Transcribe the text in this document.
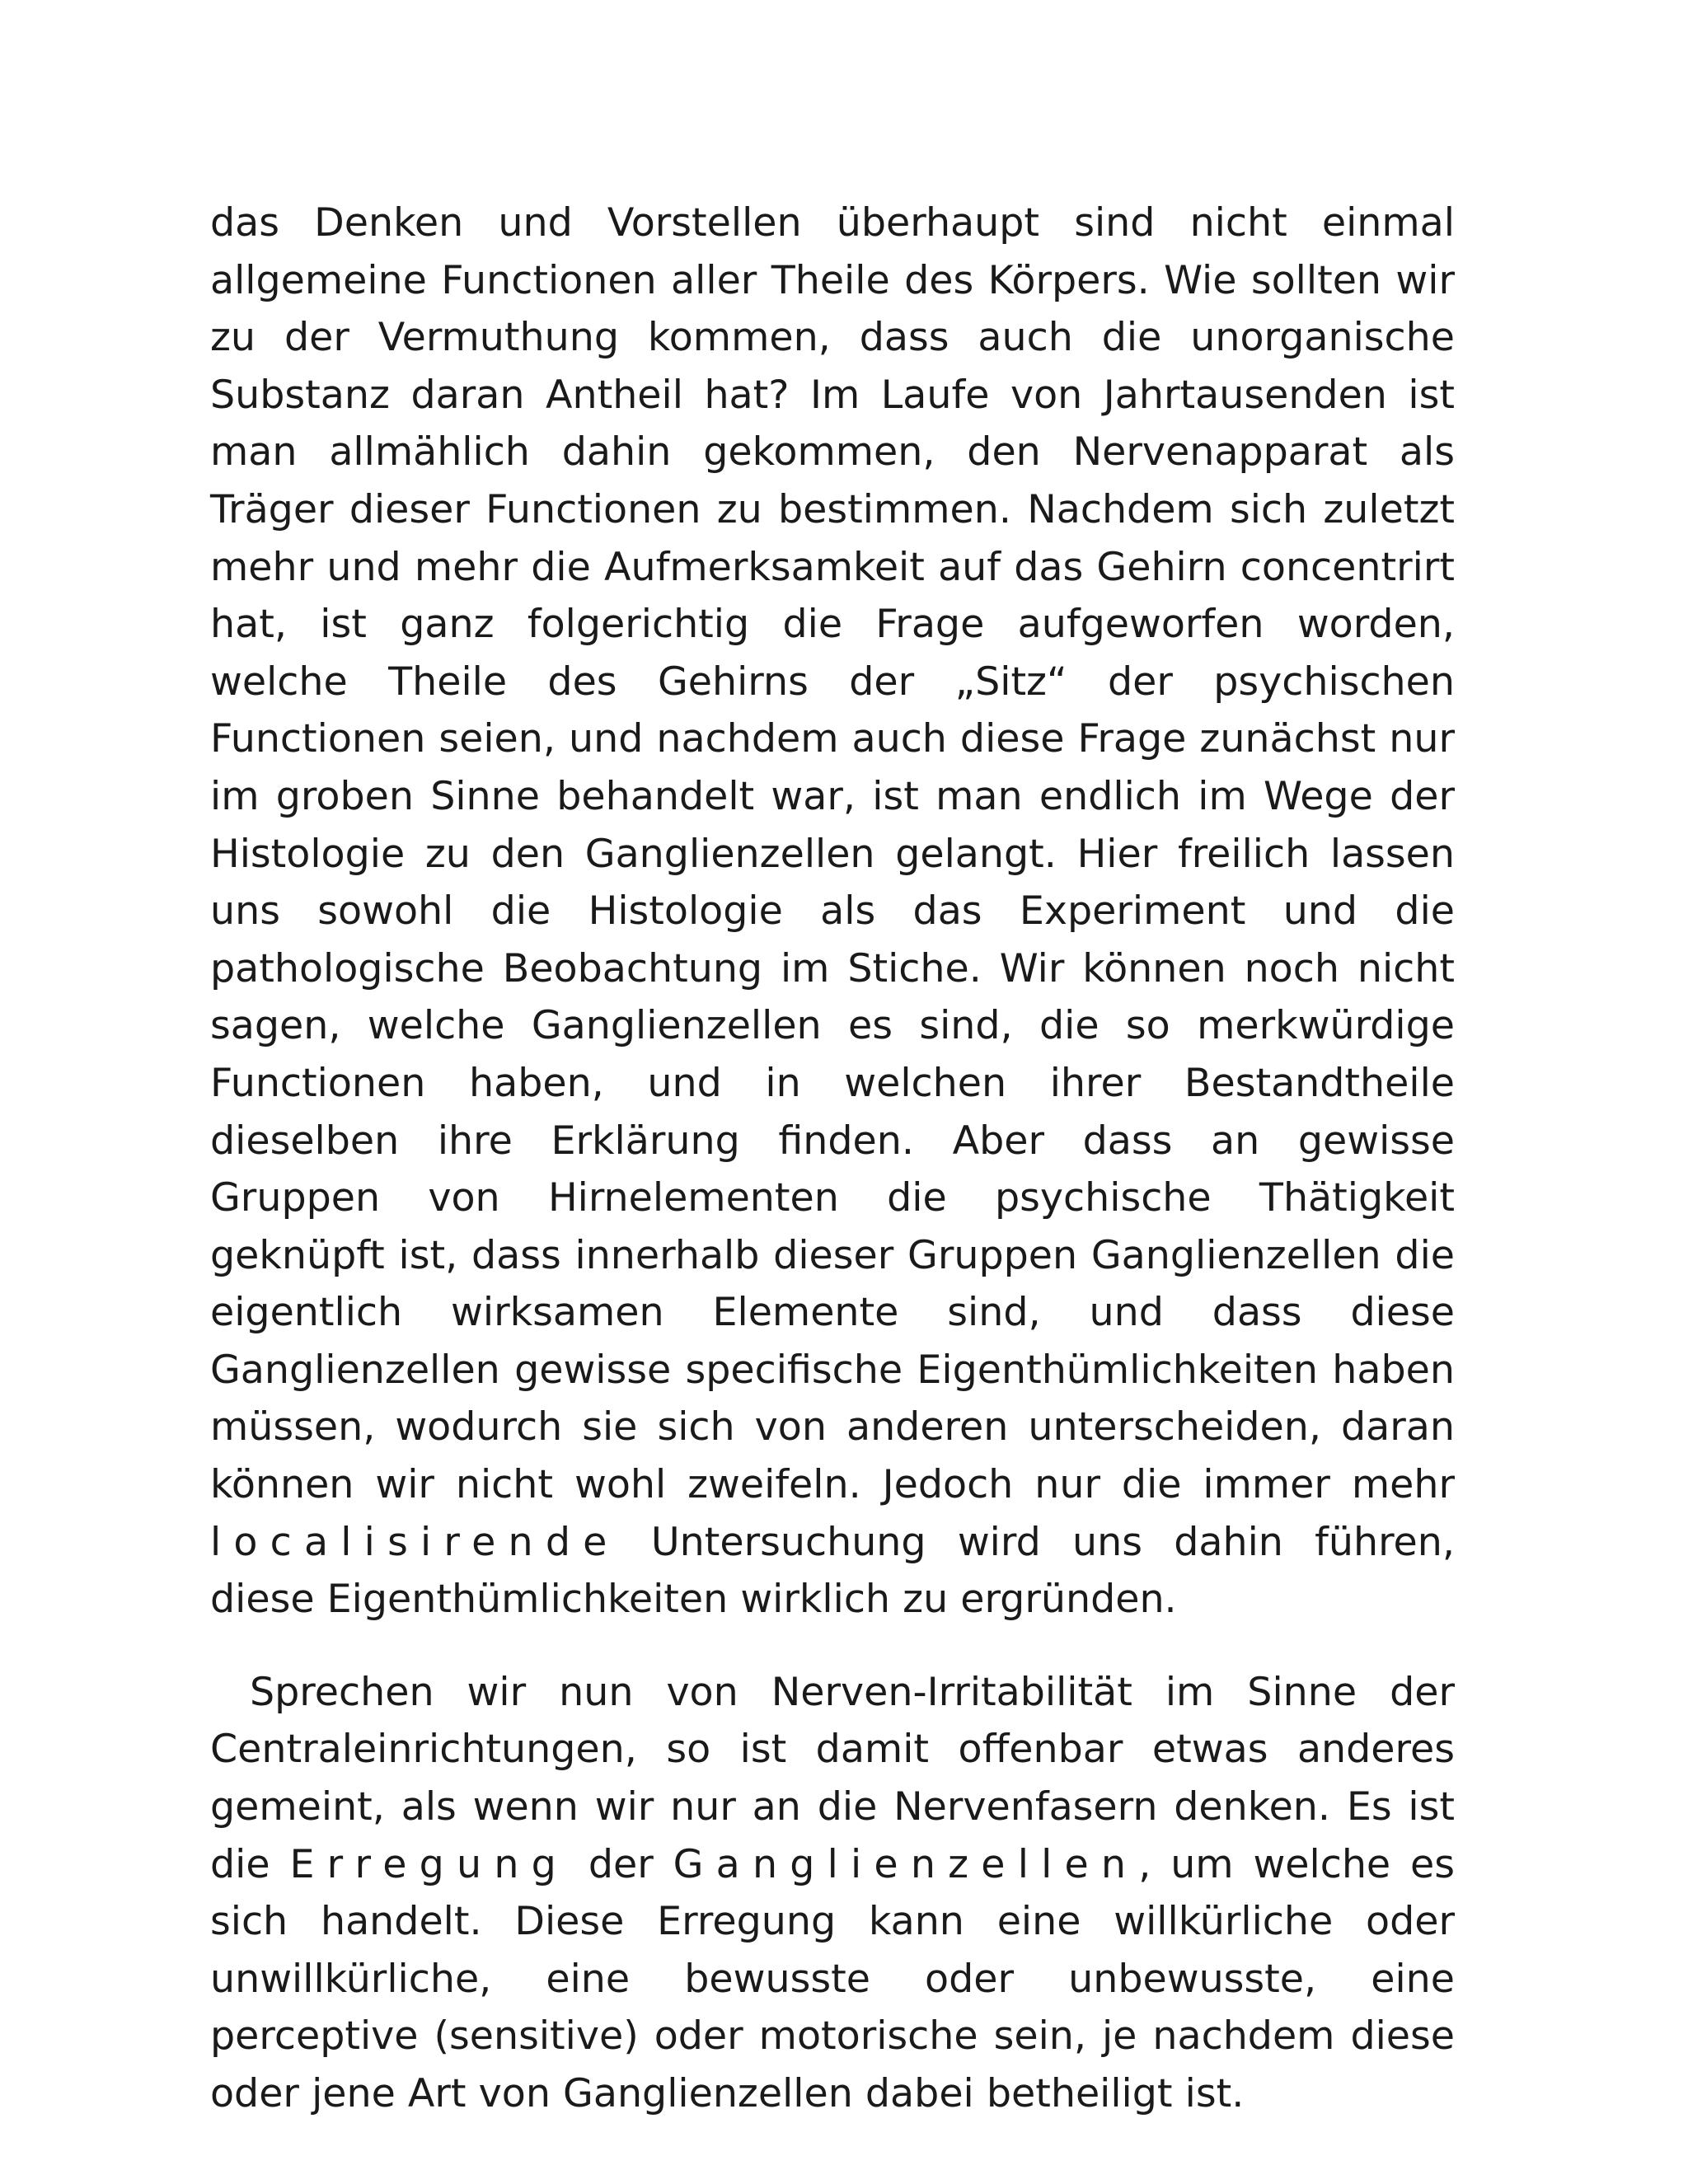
das Denken und Vorstellen überhaupt sind nicht einmal allgemeine Functionen aller Theile des Körpers. Wie sollten wir zu der Vermuthung kommen, dass auch die unorganische Substanz daran Antheil hat? Im Laufe von Jahrtausenden ist man allmählich dahin gekommen, den Nervenapparat als Träger dieser Functionen zu bestimmen. Nachdem sich zuletzt mehr und mehr die Aufmerksamkeit auf das Gehirn concentrirt hat, ist ganz folgerichtig die Frage aufgeworfen worden, welche Theile des Gehirns der „Sitz“ der psychischen Functionen seien, und nachdem auch diese Frage zunächst nur im groben Sinne behandelt war, ist man endlich im Wege der Histologie zu den Ganglienzellen gelangt. Hier freilich lassen uns sowohl die Histologie als das Experiment und die pathologische Beobachtung im Stiche. Wir können noch nicht sagen, welche Ganglienzellen es sind, die so merkwürdige Functionen haben, und in welchen ihrer Bestandtheile dieselben ihre Erklärung finden. Aber dass an gewisse Gruppen von Hirnelementen die psychische Thätigkeit geknüpft ist, dass innerhalb dieser Gruppen Ganglienzellen die eigentlich wirksamen Elemente sind, und dass diese Ganglienzellen gewisse specifische Eigenthümlichkeiten haben müssen, wodurch sie sich von anderen unterscheiden, daran können wir nicht wohl zweifeln. Jedoch nur die immer mehr localisirende Untersuchung wird uns dahin führen, diese Eigenthümlichkeiten wirklich zu ergründen.

Sprechen wir nun von Nerven-Irritabilität im Sinne der Centraleinrichtungen, so ist damit offenbar etwas anderes gemeint, als wenn wir nur an die Nervenfasern denken. Es ist die Erregung der Ganglienzellen, um welche es sich handelt. Diese Erregung kann eine willkürliche oder unwillkürliche, eine bewusste oder unbewusste, eine perceptive (sensitive) oder motorische sein, je nachdem diese oder jene Art von Ganglienzellen dabei betheiligt ist.
